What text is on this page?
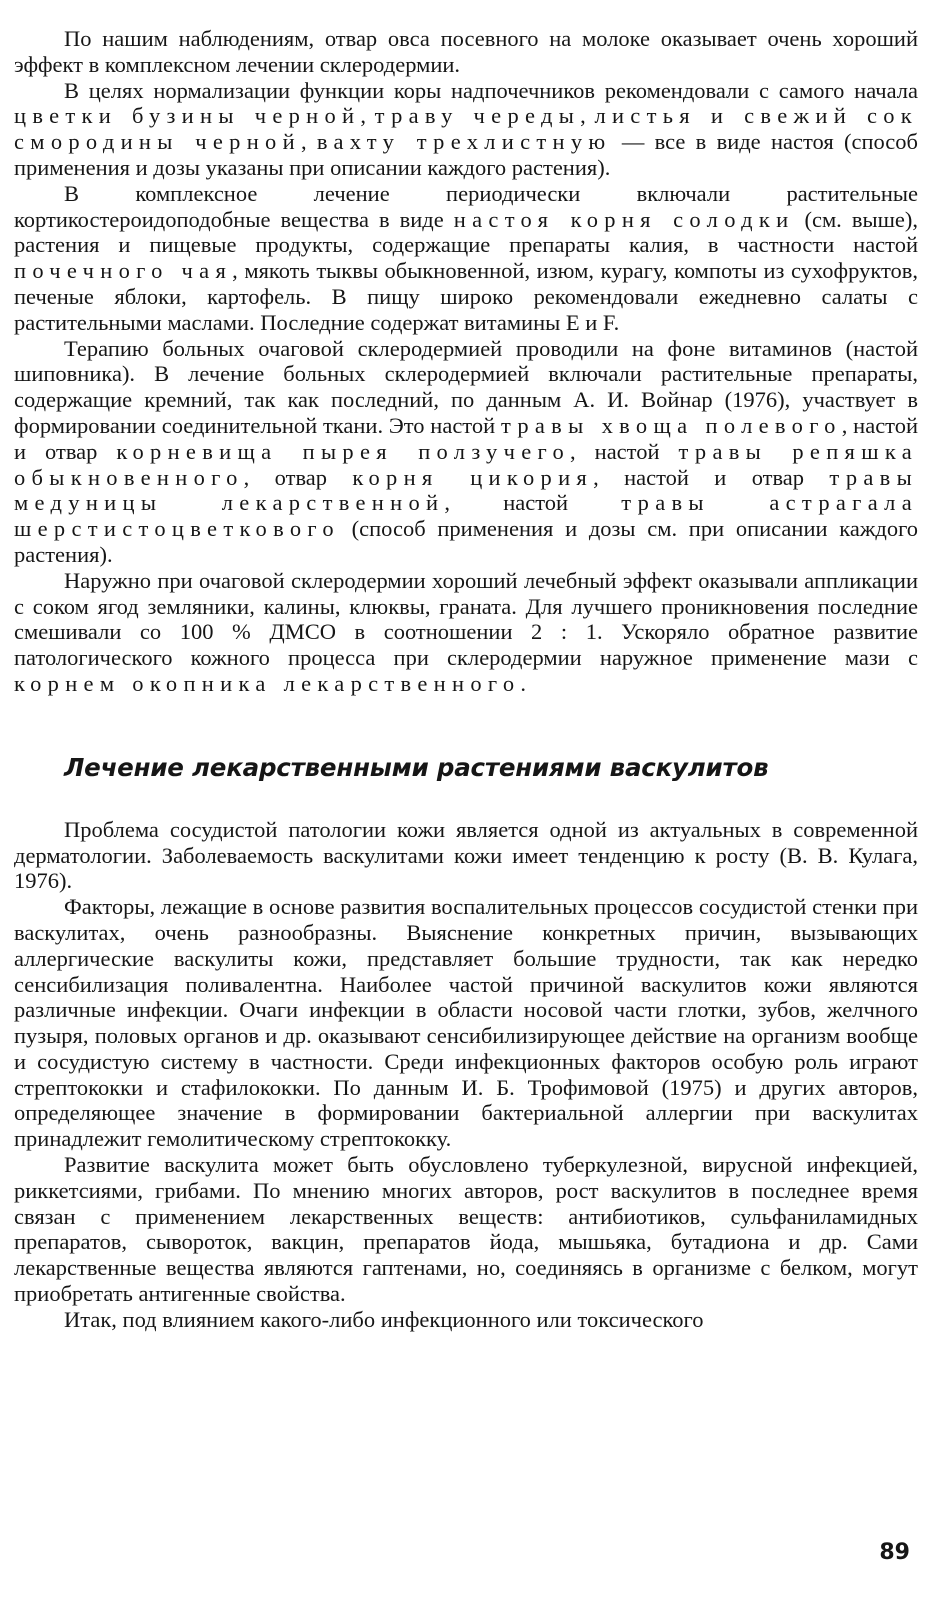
По нашим наблюдениям, отвар овса посевного на молоке оказывает очень хороший эффект в комплексном лечении склеродермии.

В целях нормализации функции коры надпочечников рекомендовали с самого начала цветки бузины черной, траву череды, листья и свежий сок смородины черной, вахту трехлистную — все в виде настоя (способ применения и дозы указаны при описании каждого растения).

В комплексное лечение периодически включали растительные кортикостероидоподобные вещества в виде настоя корня солодки (см. выше), растения и пищевые продукты, содержащие препараты калия, в частности настой почечного чая, мякоть тыквы обыкновенной, изюм, курагу, компоты из сухофруктов, печеные яблоки, картофель. В пищу широко рекомендовали ежедневно салаты с растительными маслами. Последние содержат витамины E и F.

Терапию больных очаговой склеродермией проводили на фоне витаминов (настой шиповника). В лечение больных склеродермией включали растительные препараты, содержащие кремний, так как последний, по данным А. И. Войнар (1976), участвует в формировании соединительной ткани. Это настой травы хвоща полевого, настой и отвар корневища пырея ползучего, настой травы репяшка обыкновенного, отвар корня цикория, настой и отвар травы медуницы лекарственной, настой травы астрагала шерстистоцветкового (способ применения и дозы см. при описании каждого растения).

Наружно при очаговой склеродермии хороший лечебный эффект оказывали аппликации с соком ягод земляники, калины, клюквы, граната. Для лучшего проникновения последние смешивали со 100 % ДМСО в соотношении 2 : 1. Ускоряло обратное развитие патологического кожного процесса при склеродермии наружное применение мази с корнем окопника лекарственного.

Лечение лекарственными растениями васкулитов

Проблема сосудистой патологии кожи является одной из актуальных в современной дерматологии. Заболеваемость васкулитами кожи имеет тенденцию к росту (В. В. Кулага, 1976).

Факторы, лежащие в основе развития воспалительных процессов сосудистой стенки при васкулитах, очень разнообразны. Выяснение конкретных причин, вызывающих аллергические васкулиты кожи, представляет большие трудности, так как нередко сенсибилизация поливалентна. Наиболее частой причиной васкулитов кожи являются различные инфекции. Очаги инфекции в области носовой части глотки, зубов, желчного пузыря, половых органов и др. оказывают сенсибилизирующее действие на организм вообще и сосудистую систему в частности. Среди инфекционных факторов особую роль играют стрептококки и стафилококки. По данным И. Б. Трофимовой (1975) и других авторов, определяющее значение в формировании бактериальной аллергии при васкулитах принадлежит гемолитическому стрептококку.

Развитие васкулита может быть обусловлено туберкулезной, вирусной инфекцией, риккетсиями, грибами. По мнению многих авторов, рост васкулитов в последнее время связан с применением лекарственных веществ: антибиотиков, сульфаниламидных препаратов, сывороток, вакцин, препаратов йода, мышьяка, бутадиона и др. Сами лекарственные вещества являются гаптенами, но, соединяясь в организме с белком, могут приобретать антигенные свойства.

Итак, под влиянием какого-либо инфекционного или токсического

89
